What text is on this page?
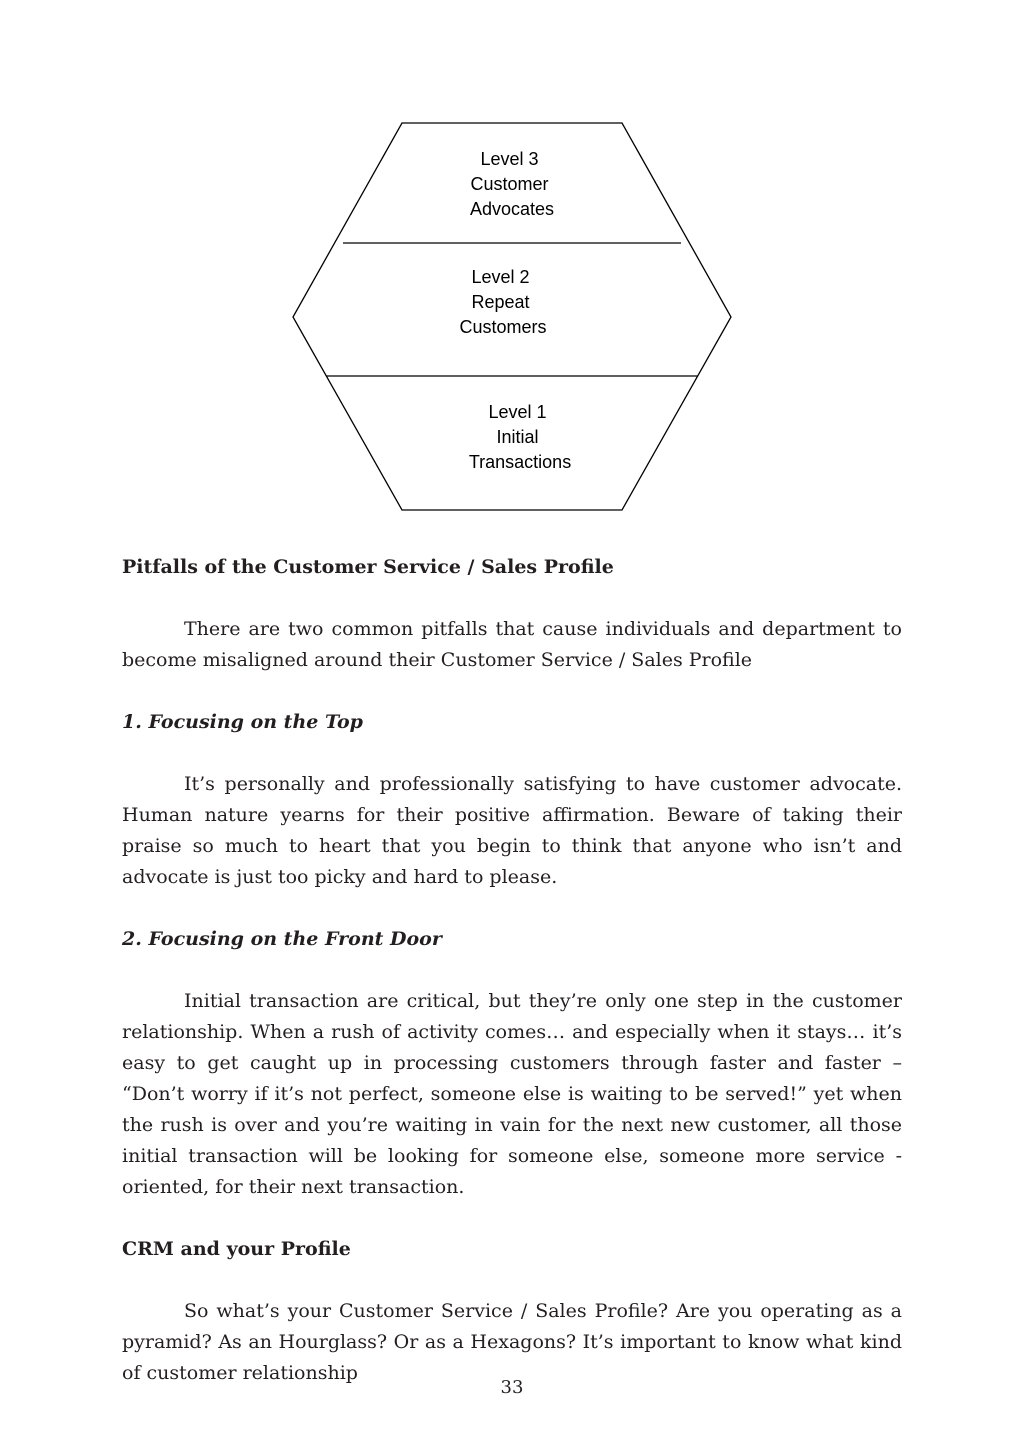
Level 3 Customer Advocates
Level 2 Repeat Customers
Level 1 Initial Transactions

Pitfalls of the Customer Service / Sales Profile

There are two common pitfalls that cause individuals and department to become misaligned around their Customer Service / Sales Profile

1. Focusing on the Top

It’s personally and professionally satisfying to have customer advocate. Human nature yearns for their positive affirmation. Beware of taking their praise so much to heart that you begin to think that anyone who isn’t and advocate is just too picky and hard to please.

2. Focusing on the Front Door

Initial transaction are critical, but they’re only one step in the customer relationship. When a rush of activity comes… and especially when it stays… it’s easy to get caught up in processing customers through faster and faster – “Don’t worry if it’s not perfect, someone else is waiting to be served!” yet when the rush is over and you’re waiting in vain for the next new customer, all those initial transaction will be looking for someone else, someone more service - oriented, for their next transaction.

CRM and your Profile

So what’s your Customer Service / Sales Profile? Are you operating as a pyramid? As an Hourglass? Or as a Hexagons? It’s important to know what kind of customer relationship

33
